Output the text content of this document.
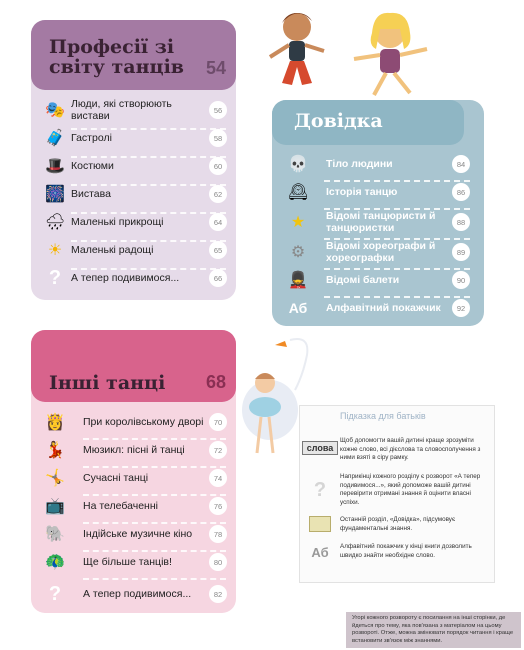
🎭 Люди, які створюють вистави	56
🧳 Гастролі	58
🎩 Костюми	60
🎆 Вистава	62
🌧 Маленькі прикрощі	64
☀ Маленькі радощі	65
? А тепер подивимося...	66
Професії зі світу танців 54
💀 Тіло людини	84
🕰 Історія танцю	86
★	Відомі танцюристи й танцюристки	88
⚙	Відомі хореографи й хореографки	89
💂 Відомі балети	90
Аб Алфавітний покажчик	92
Довідка
👸 При королівському дворі	70
💃 Мюзикл: пісні й танці	72
🤸 Сучасні танці	74
📺 На телебаченні	76
🐘 Індійське музичне кіно	78
🦚 Ще більше танців!	80
?	А тепер подивимося...	82
Інші танці 68
Підказка для батьків
слова
Щоб допомогти вашій дитині краще зрозуміти кожне слово, всі дієслова та словосполучення з ними взяті в сіру рамку.
?
Наприкінці кожного розділу є розворот «А тепер подивимося...», який допоможе вашій дитині перевірити отримані знання й оцінити власні успіхи.
Останній розділ, «Довідка», підсумовує фундаментальні знання.
Аб	Алфавітний покажчик у кінці книги дозволить швидко знайти необхідне слово.
Угорі кожного розвороту є посилання на інші сторінки, де йдеться про тему, яка пов'язана з матеріалом на цьому розвороті. Отже, можна змінювати порядок читання і краще встановити зв'язок між знаннями.
